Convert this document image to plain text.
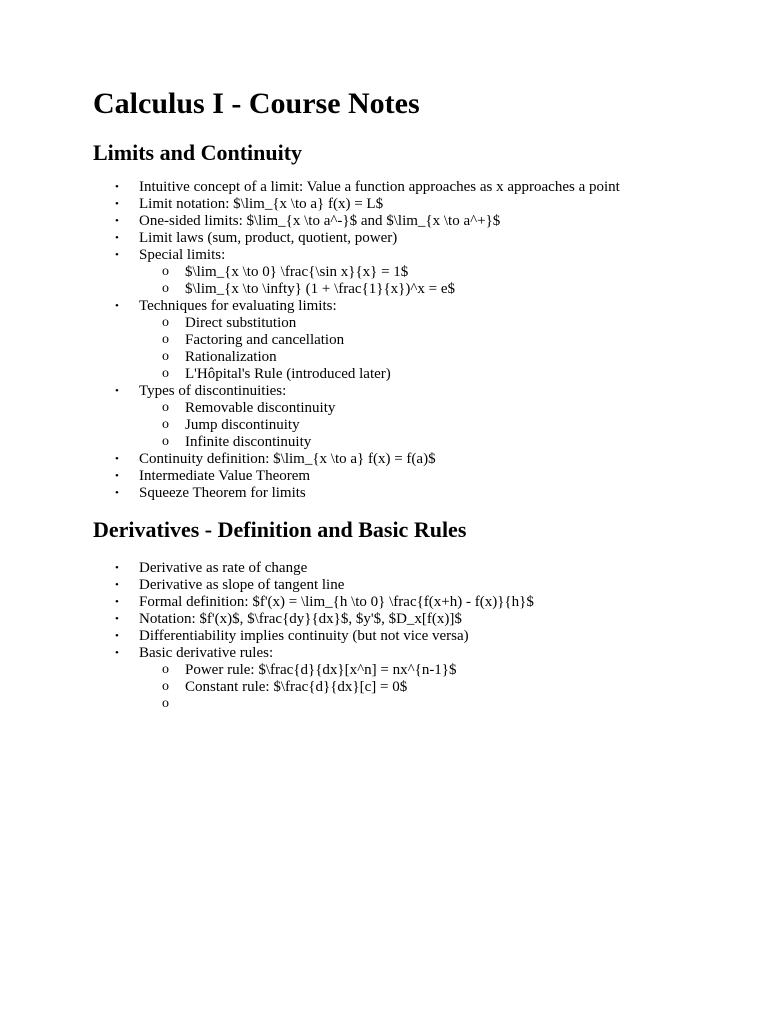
Calculus I - Course Notes
Limits and Continuity
• Intuitive concept of a limit: Value a function approaches as x approaches a point
• Limit notation: $\lim_{x \to a} f(x) = L$
• One-sided limits: $\lim_{x \to a^-}$ and $\lim_{x \to a^+}$
• Limit laws (sum, product, quotient, power)
• Special limits:
o $\lim_{x \to 0} \frac{\sin x}{x} = 1$
o $\lim_{x \to \infty} (1 + \frac{1}{x})^x = e$
• Techniques for evaluating limits:
o Direct substitution
o Factoring and cancellation
o Rationalization
o L'Hôpital's Rule (introduced later)
• Types of discontinuities:
o Removable discontinuity
o Jump discontinuity
o Infinite discontinuity
• Continuity definition: $\lim_{x \to a} f(x) = f(a)$
• Intermediate Value Theorem
• Squeeze Theorem for limits
Derivatives - Definition and Basic Rules
• Derivative as rate of change
• Derivative as slope of tangent line
• Formal definition: $f'(x) = \lim_{h \to 0} \frac{f(x+h) - f(x)}{h}$
• Notation: $f'(x)$, $\frac{dy}{dx}$, $y'$, $D_x[f(x)]$
• Differentiability implies continuity (but not vice versa)
• Basic derivative rules:
o Power rule: $\frac{d}{dx}[x^n] = nx^{n-1}$
o Constant rule: $\frac{d}{dx}[c] = 0$
o
